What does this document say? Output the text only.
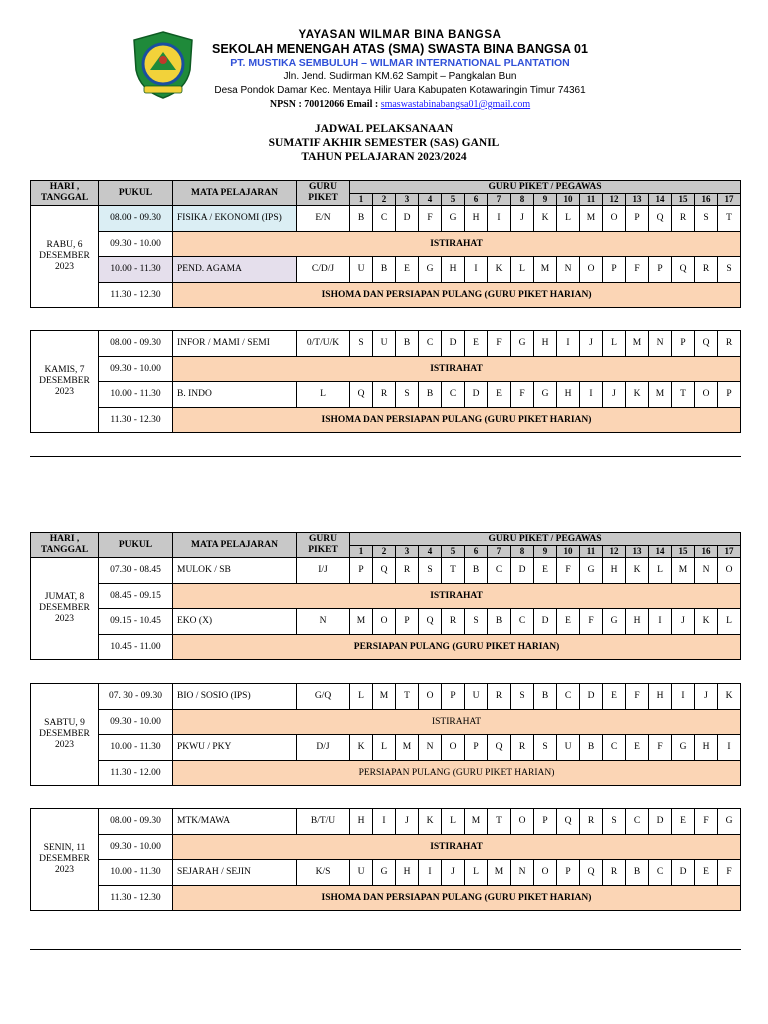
YAYASAN WILMAR BINA BANGSA
SEKOLAH MENENGAH ATAS (SMA) SWASTA BINA BANGSA 01
PT. MUSTIKA SEMBULUH – WILMAR INTERNATIONAL PLANTATION
Jln. Jend. Sudirman KM.62 Sampit – Pangkalan Bun
Desa Pondok Damar Kec. Mentaya Hilir Uara Kabupaten Kotawaringin Timur 74361
NPSN : 70012066 Email : smaswastabinabangsa01@gmail.com
JADWAL PELAKSANAAN
SUMATIF AKHIR SEMESTER (SAS) GANIL
TAHUN PELAJARAN 2023/2024
HARI , TANGGAL	PUKUL	MATA PELAJARAN	GURU PIKET	GURU PIKET / PEGAWAS																
				1	2	3	4	5	6	7	8	9	10	11	12	13	14	15	16	17
RABU, 6 DESEMBER 2023	08.00 - 09.30	FISIKA / EKONOMI (IPS)	E/N	B	C	D	F	G	H	I	J	K	L	M	O	P	Q	R	S	T
	09.30 - 10.00	ISTIRAHAT																		
	10.00 - 11.30	PEND. AGAMA	C/D/J	U	B	E	G	H	I	K	L	M	N	O	P	F	P	Q	R	S
	11.30 - 12.30	ISHOMA DAN PERSIAPAN PULANG (GURU PIKET HARIAN)																		
KAMIS, 7 DESEMBER 2023	08.00 - 09.30	INFOR / MAMI / SEMI	0/T/U/K	S	U	B	C	D	E	F	G	H	I	J	L	M	N	P	Q	R
	09.30 - 10.00	ISTIRAHAT																		
	10.00 - 11.30	B. INDO	L	Q	R	S	B	C	D	E	F	G	H	I	J	K	M	T	O	P
	11.30 - 12.30	ISHOMA DAN PERSIAPAN PULANG (GURU PIKET HARIAN)																		
HARI , TANGGAL	PUKUL	MATA PELAJARAN	GURU PIKET	GURU PIKET / PEGAWAS																
				1	2	3	4	5	6	7	8	9	10	11	12	13	14	15	16	17
JUMAT, 8 DESEMBER 2023	07.30 - 08.45	MULOK / SB	I/J	P	Q	R	S	T	B	C	D	E	F	G	H	K	L	M	N	O
	08.45 - 09.15	ISTIRAHAT																		
	09.15 - 10.45	EKO (X)	N	M	O	P	Q	R	S	B	C	D	E	F	G	H	I	J	K	L
	10.45 - 11.00	PERSIAPAN PULANG (GURU PIKET HARIAN)																		
SABTU, 9 DESEMBER 2023	07. 30 - 09.30	BIO / SOSIO (IPS)	G/Q	L	M	T	O	P	U	R	S	B	C	D	E	F	H	I	J	K
	09.30 - 10.00	ISTIRAHAT																		
	10.00 - 11.30	PKWU / PKY	D/J	K	L	M	N	O	P	Q	R	S	U	B	C	E	F	G	H	I
	11.30 - 12.00	PERSIAPAN PULANG (GURU PIKET HARIAN)																		
SENIN, 11 DESEMBER 2023	08.00 - 09.30	MTK/MAWA	B/T/U	H	I	J	K	L	M	T	O	P	Q	R	S	C	D	E	F	G
	09.30 - 10.00	ISTIRAHAT																		
	10.00 - 11.30	SEJARAH / SEJIN	K/S	U	G	H	I	J	L	M	N	O	P	Q	R	B	C	D	E	F
	11.30 - 12.30	ISHOMA DAN PERSIAPAN PULANG (GURU PIKET HARIAN)																		
